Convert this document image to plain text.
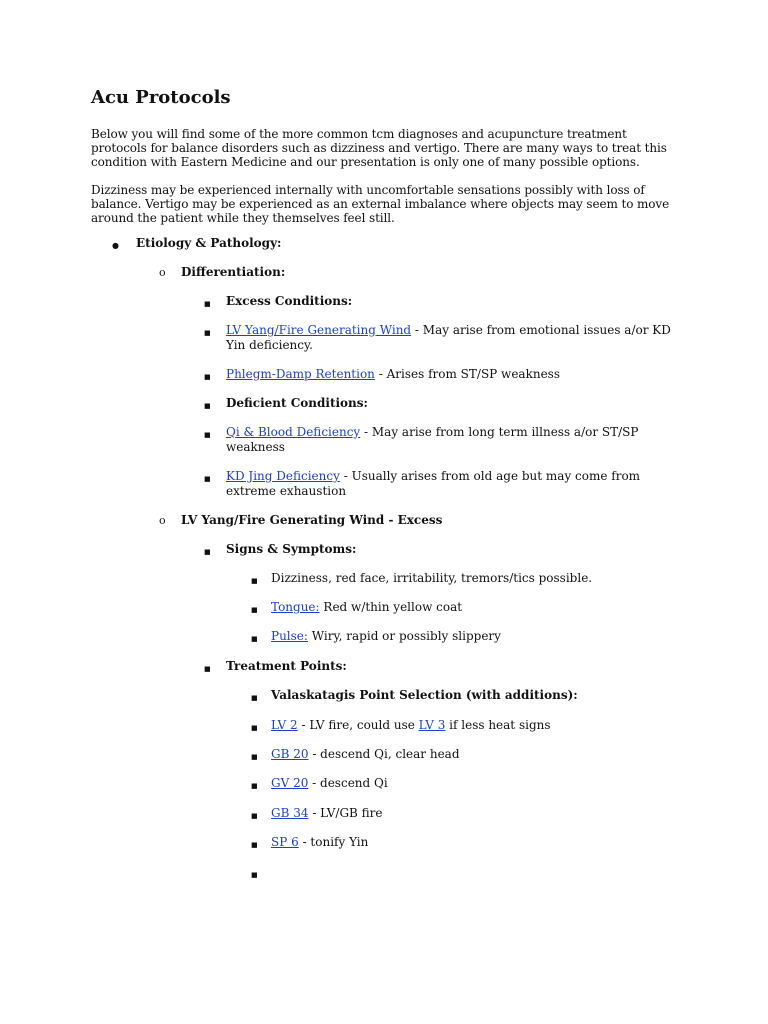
Acu Protocols

Below you will find some of the more common tcm diagnoses and acupuncture treatment
protocols for balance disorders such as dizziness and vertigo. There are many ways to treat this
condition with Eastern Medicine and our presentation is only one of many possible options.

Dizziness may be experienced internally with uncomfortable sensations possibly with loss of
balance. Vertigo may be experienced as an external imbalance where objects may seem to move
around the patient while they themselves feel still.

● Etiology & Pathology:
o Differentiation:
■ Excess Conditions:
■ LV Yang/Fire Generating Wind - May arise from emotional issues a/or KD
Yin deficiency.
■ Phlegm-Damp Retention - Arises from ST/SP weakness
■ Deficient Conditions:
■ Qi & Blood Deficiency - May arise from long term illness a/or ST/SP
weakness
■ KD Jing Deficiency - Usually arises from old age but may come from
extreme exhaustion
o LV Yang/Fire Generating Wind - Excess
■ Signs & Symptoms:
■ Dizziness, red face, irritability, tremors/tics possible.
■ Tongue: Red w/thin yellow coat
■ Pulse: Wiry, rapid or possibly slippery
■ Treatment Points:
■ Valaskatagis Point Selection (with additions):
■ LV 2 - LV fire, could use LV 3 if less heat signs
■ GB 20 - descend Qi, clear head
■ GV 20 - descend Qi
■ GB 34 - LV/GB fire
■ SP 6 - tonify Yin
■
